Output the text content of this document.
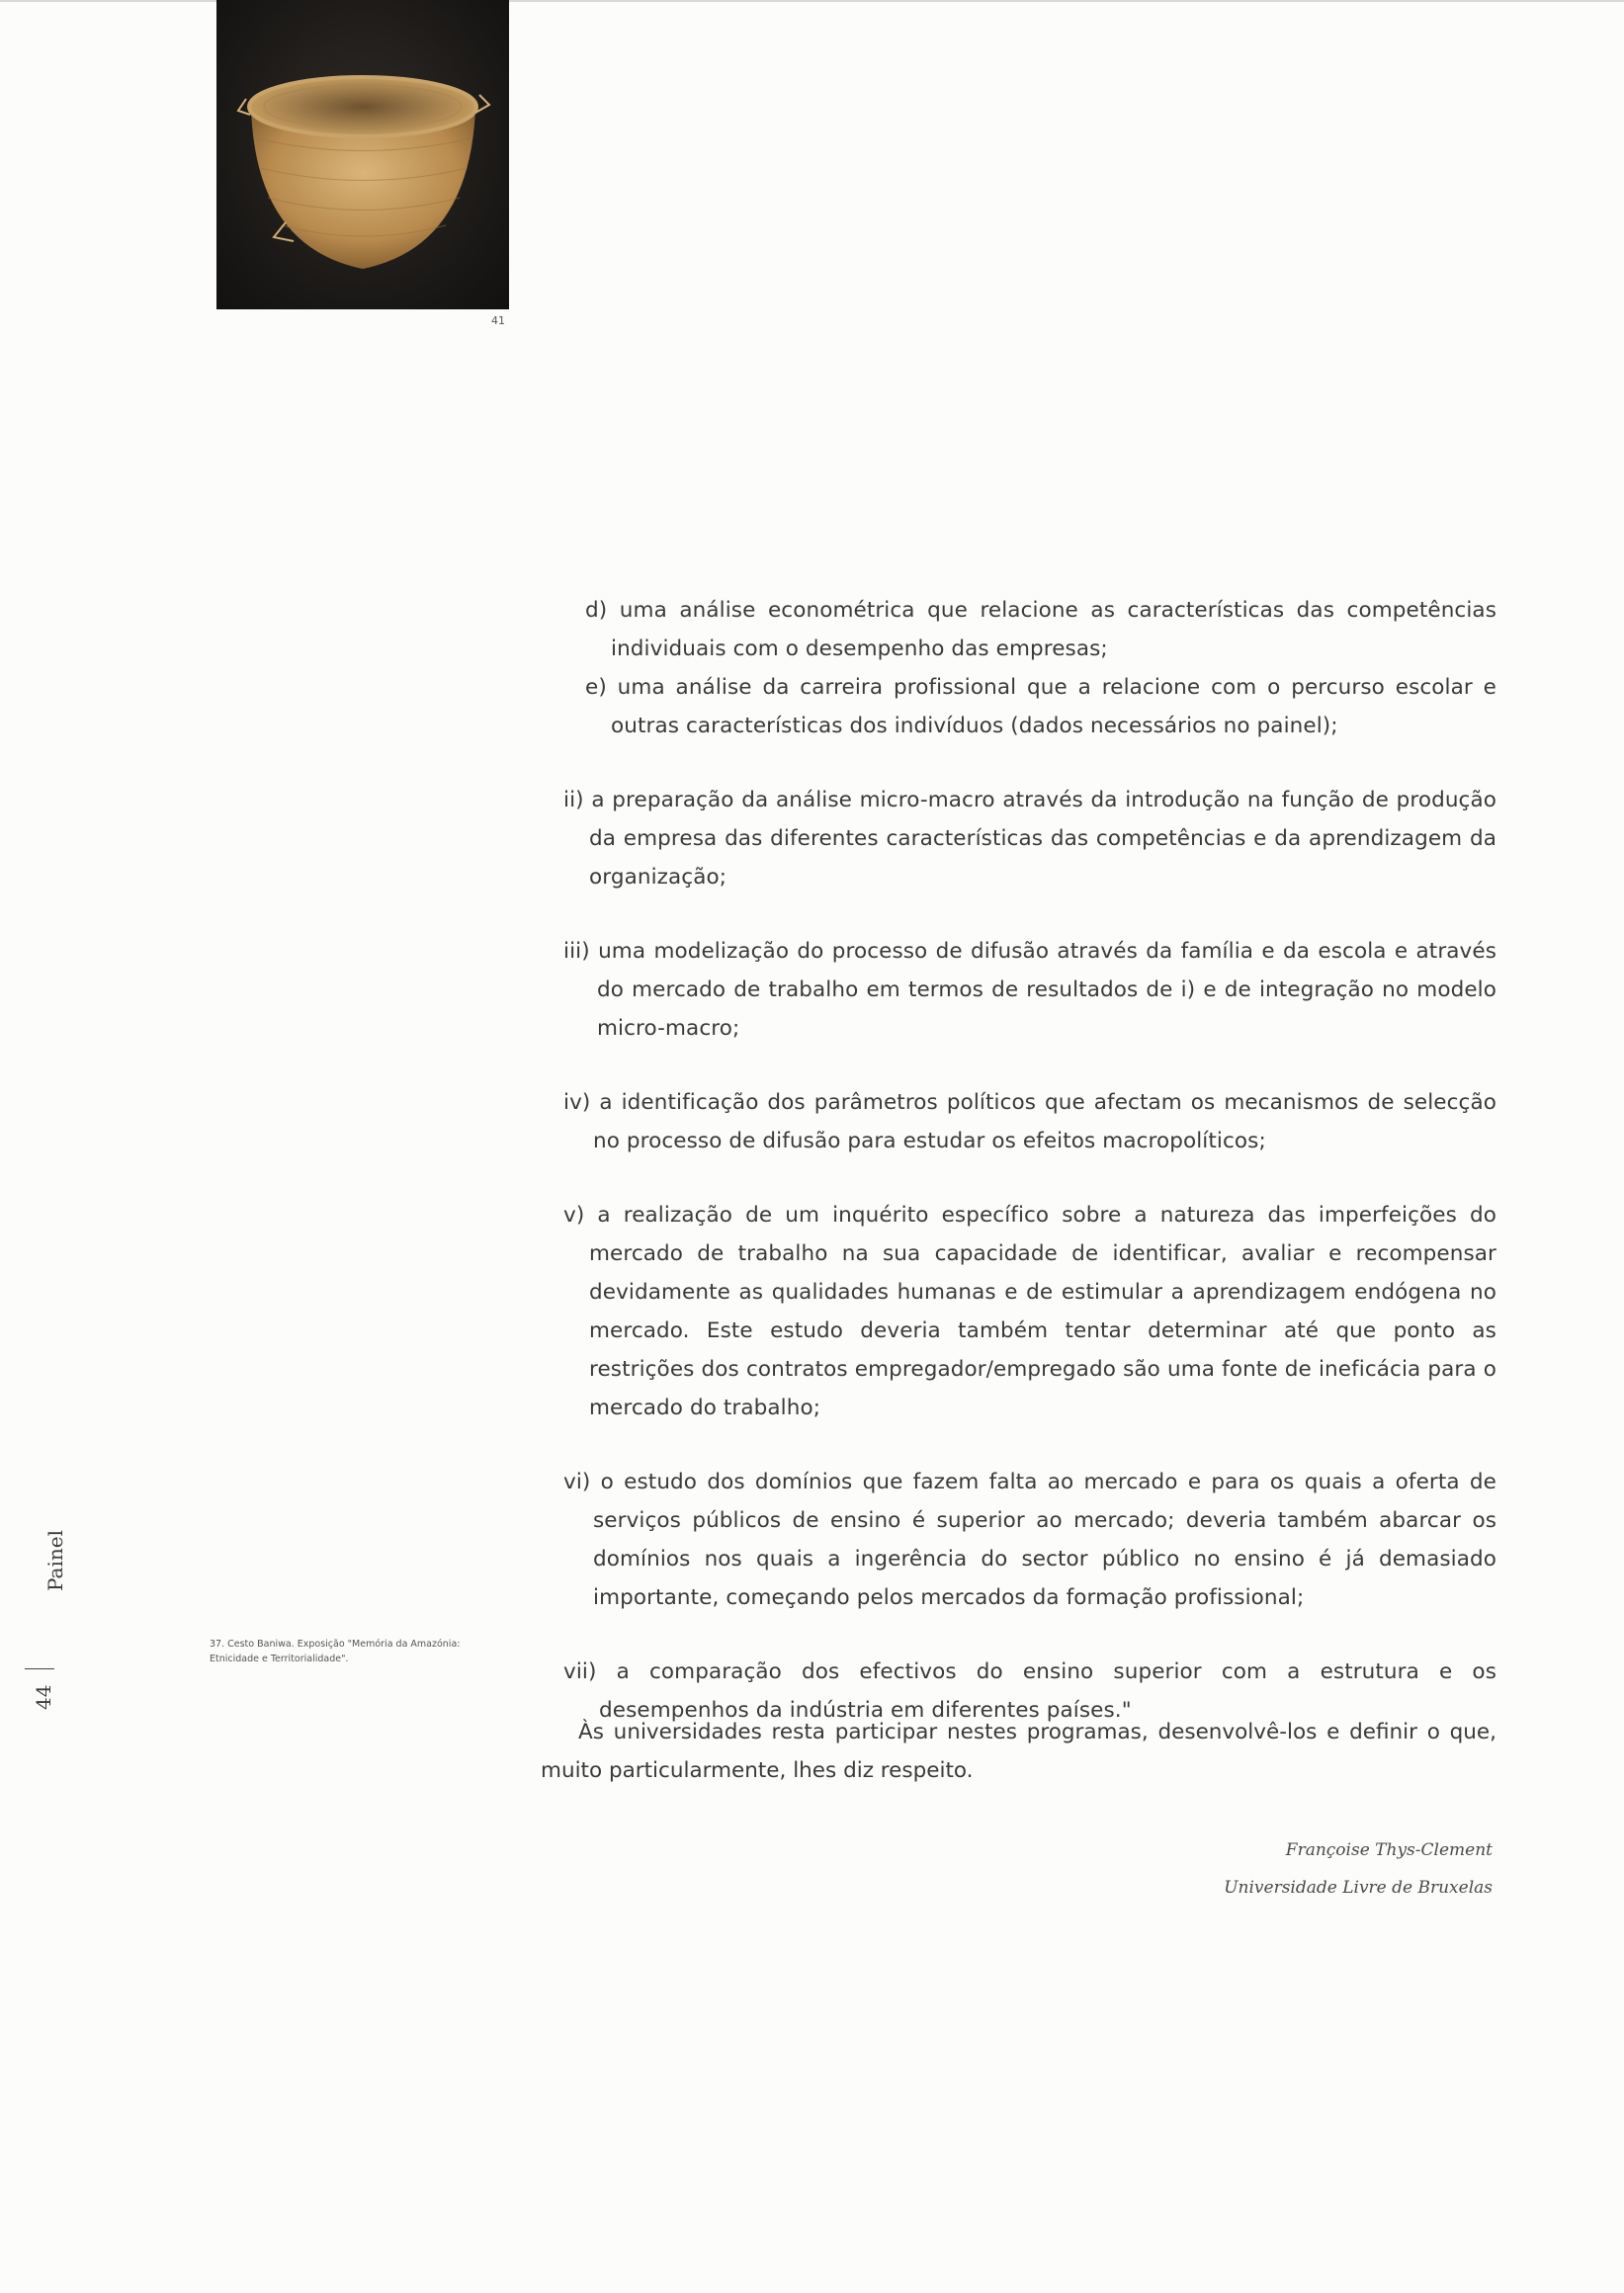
41

d) uma análise econométrica que relacione as características das competências individuais com o desempenho das empresas;

e) uma análise da carreira profissional que a relacione com o percurso escolar e outras características dos indivíduos (dados necessários no painel);

ii) a preparação da análise micro-macro através da introdução na função de produção da empresa das diferentes características das competências e da aprendizagem da organização;

iii) uma modelização do processo de difusão através da família e da escola e através do mercado de trabalho em termos de resultados de i) e de integração no modelo micro-macro;

iv) a identificação dos parâmetros políticos que afectam os mecanismos de selecção no processo de difusão para estudar os efeitos macropolíticos;

v) a realização de um inquérito específico sobre a natureza das imperfeições do mercado de trabalho na sua capacidade de identificar, avaliar e recompensar devidamente as qualidades humanas e de estimular a aprendizagem endógena no mercado. Este estudo deveria também tentar determinar até que ponto as restrições dos contratos empregador/empregado são uma fonte de ineficácia para o mercado do trabalho;

vi) o estudo dos domínios que fazem falta ao mercado e para os quais a oferta de serviços públicos de ensino é superior ao mercado; deveria também abarcar os domínios nos quais a ingerência do sector público no ensino é já demasiado importante, começando pelos mercados da formação profissional;

vii) a comparação dos efectivos do ensino superior com a estrutura e os desempenhos da indústria em diferentes países."

Às universidades resta participar nestes programas, desenvolvê-los e definir o que, muito particularmente, lhes diz respeito.

Françoise Thys-Clement
Universidade Livre de Bruxelas
37. Cesto Baniwa. Exposição "Memória da Amazónia: Etnicidade e Territorialidade".
Painel
44
